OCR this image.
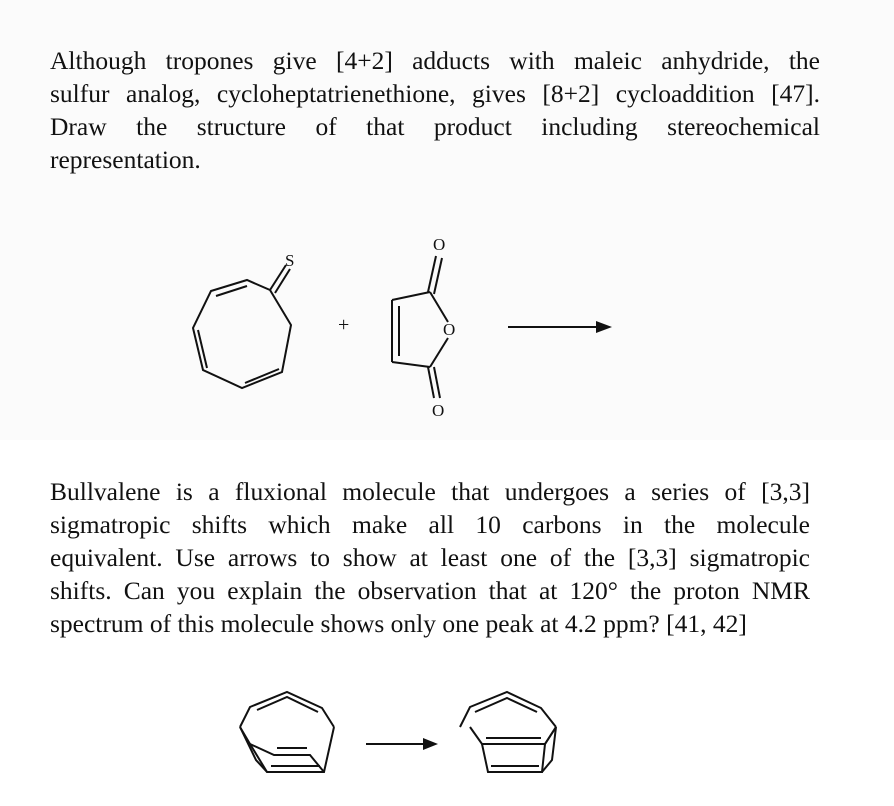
Although tropones give [4+2] adducts with maleic anhydride, the
sulfur analog, cycloheptatrienethione, gives [8+2] cycloaddition [47].
Draw the structure of that product including stereochemical
representation.

S
+
O
O
O

Bullvalene is a fluxional molecule that undergoes a series of [3,3]
sigmatropic shifts which make all 10 carbons in the molecule
equivalent. Use arrows to show at least one of the [3,3] sigmatropic
shifts. Can you explain the observation that at 120° the proton NMR
spectrum of this molecule shows only one peak at 4.2 ppm? [41, 42]
